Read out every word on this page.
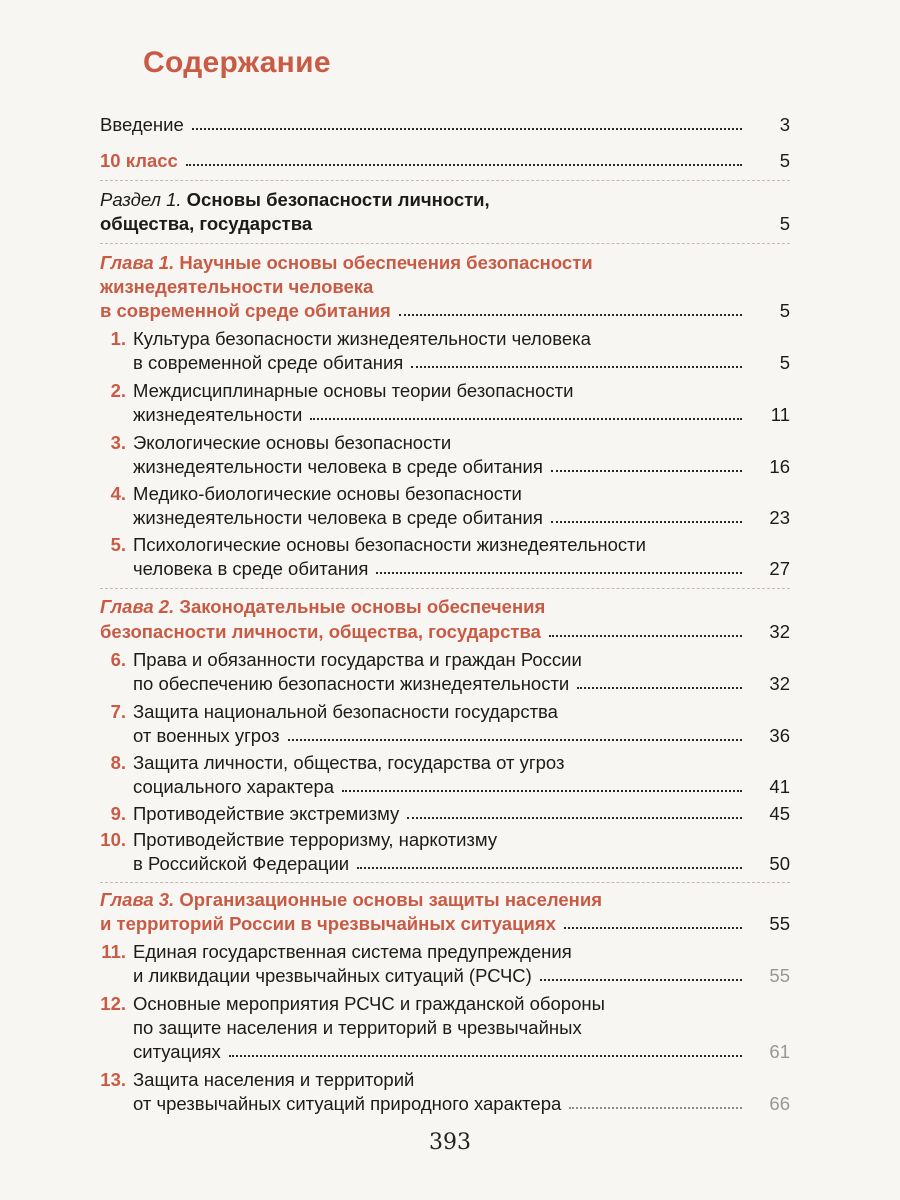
Содержание
Введение	3
10 класс	5
Раздел 1. Основы безопасности личности,
общества, государства	5
Глава 1. Научные основы обеспечения безопасности
жизнедеятельности человека
в современной среде обитания	5
1. Культура безопасности жизнедеятельности человека
в современной среде обитания	5
2. Междисциплинарные основы теории безопасности
жизнедеятельности	11
3. Экологические основы безопасности
жизнедеятельности человека в среде обитания	16
4. Медико-биологические основы безопасности
жизнедеятельности человека в среде обитания	23
5. Психологические основы безопасности жизнедеятельности
человека в среде обитания	27
Глава 2. Законодательные основы обеспечения
безопасности личности, общества, государства	32
6. Права и обязанности государства и граждан России
по обеспечению безопасности жизнедеятельности	32
7. Защита национальной безопасности государства
от военных угроз	36
8. Защита личности, общества, государства от угроз
социального характера	41
9. Противодействие экстремизму	45
10. Противодействие терроризму, наркотизму
в Российской Федерации	50
Глава 3. Организационные основы защиты населения
и территорий России в чрезвычайных ситуациях	55
11. Единая государственная система предупреждения
и ликвидации чрезвычайных ситуаций (РСЧС)	55
12. Основные мероприятия РСЧС и гражданской обороны
по защите населения и территорий в чрезвычайных
ситуациях	61
13. Защита населения и территорий
от чрезвычайных ситуаций природного характера	66
393
